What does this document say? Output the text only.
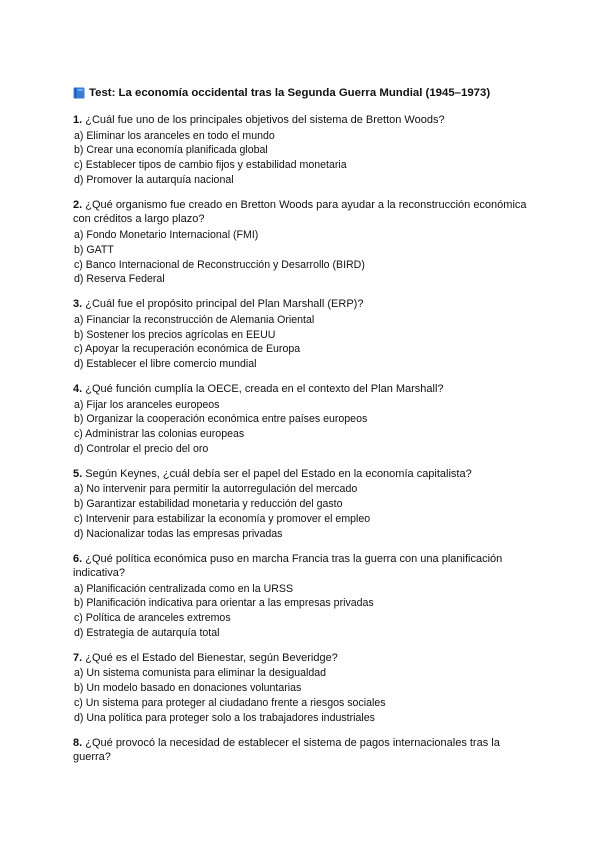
Test: La economía occidental tras la Segunda Guerra Mundial (1945–1973)
1. ¿Cuál fue uno de los principales objetivos del sistema de Bretton Woods?
a) Eliminar los aranceles en todo el mundo
b) Crear una economía planificada global
c) Establecer tipos de cambio fijos y estabilidad monetaria
d) Promover la autarquía nacional
2. ¿Qué organismo fue creado en Bretton Woods para ayudar a la reconstrucción económica con créditos a largo plazo?
a) Fondo Monetario Internacional (FMI)
b) GATT
c) Banco Internacional de Reconstrucción y Desarrollo (BIRD)
d) Reserva Federal
3. ¿Cuál fue el propósito principal del Plan Marshall (ERP)?
a) Financiar la reconstrucción de Alemania Oriental
b) Sostener los precios agrícolas en EEUU
c) Apoyar la recuperación económica de Europa
d) Establecer el libre comercio mundial
4. ¿Qué función cumplía la OECE, creada en el contexto del Plan Marshall?
a) Fijar los aranceles europeos
b) Organizar la cooperación económica entre países europeos
c) Administrar las colonias europeas
d) Controlar el precio del oro
5. Según Keynes, ¿cuál debía ser el papel del Estado en la economía capitalista?
a) No intervenir para permitir la autorregulación del mercado
b) Garantizar estabilidad monetaria y reducción del gasto
c) Intervenir para estabilizar la economía y promover el empleo
d) Nacionalizar todas las empresas privadas
6. ¿Qué política económica puso en marcha Francia tras la guerra con una planificación indicativa?
a) Planificación centralizada como en la URSS
b) Planificación indicativa para orientar a las empresas privadas
c) Política de aranceles extremos
d) Estrategia de autarquía total
7. ¿Qué es el Estado del Bienestar, según Beveridge?
a) Un sistema comunista para eliminar la desigualdad
b) Un modelo basado en donaciones voluntarias
c) Un sistema para proteger al ciudadano frente a riesgos sociales
d) Una política para proteger solo a los trabajadores industriales
8. ¿Qué provocó la necesidad de establecer el sistema de pagos internacionales tras la guerra?
